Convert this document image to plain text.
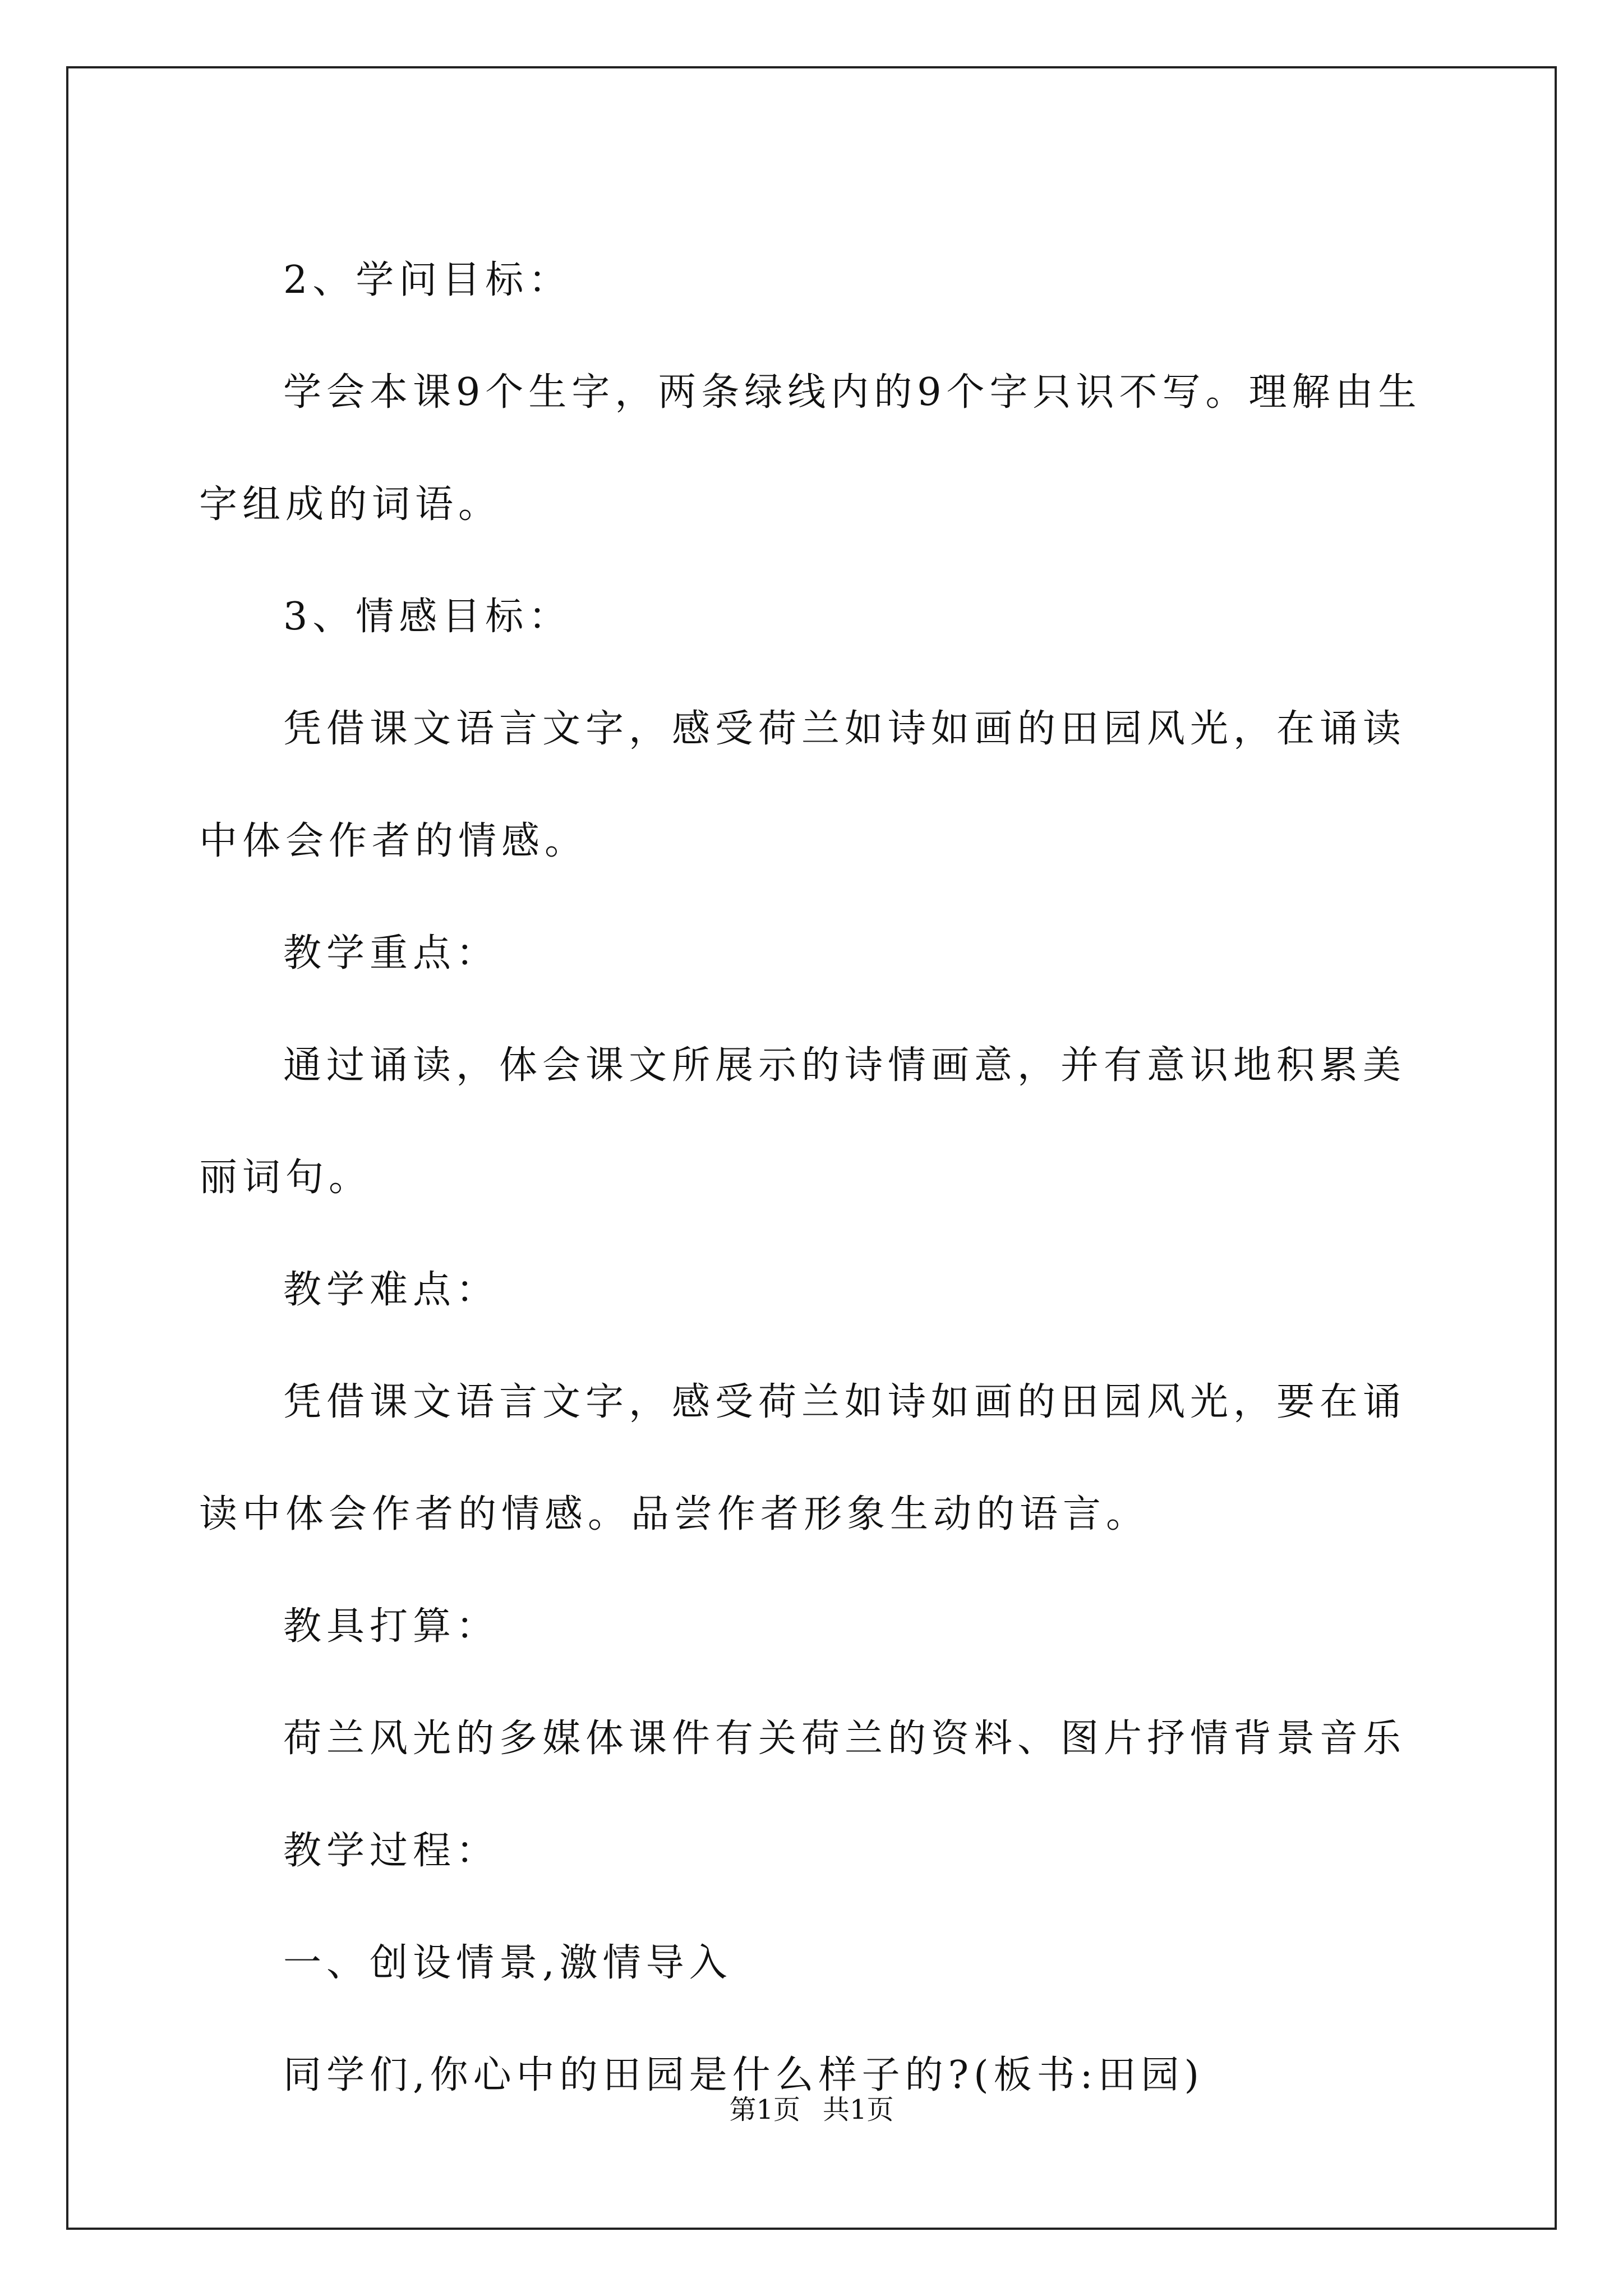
2、学问目标：

学会本课9个生字，两条绿线内的9个字只识不写。理解由生字组成的词语。

3、情感目标：

凭借课文语言文字，感受荷兰如诗如画的田园风光，在诵读中体会作者的情感。

教学重点：

通过诵读，体会课文所展示的诗情画意，并有意识地积累美丽词句。

教学难点：

凭借课文语言文字，感受荷兰如诗如画的田园风光，要在诵读中体会作者的情感。品尝作者形象生动的语言。

教具打算：

荷兰风光的多媒体课件有关荷兰的资料、图片抒情背景音乐

教学过程：

一、创设情景,激情导入

同学们,你心中的田园是什么样子的?(板书:田园)

第1页 共1页
